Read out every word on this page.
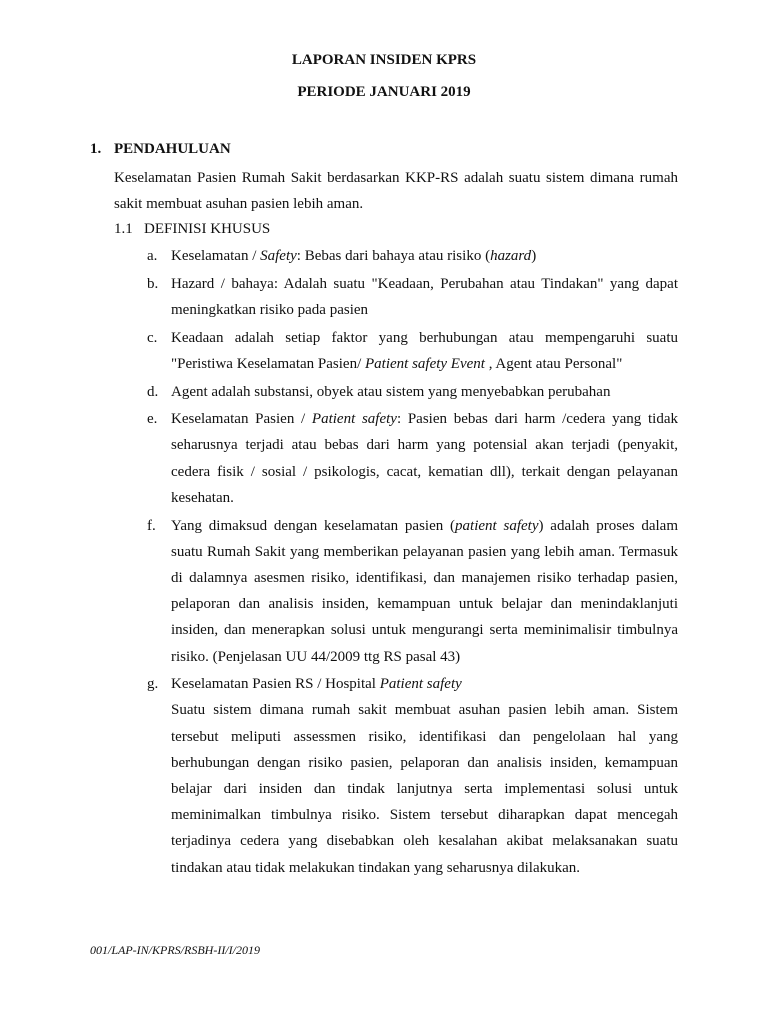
LAPORAN INSIDEN KPRS
PERIODE JANUARI 2019
1. PENDAHULUAN
Keselamatan Pasien Rumah Sakit berdasarkan KKP-RS adalah suatu sistem dimana rumah sakit membuat asuhan pasien lebih aman.
1.1 DEFINISI KHUSUS
a. Keselamatan / Safety: Bebas dari bahaya atau risiko (hazard)
b. Hazard / bahaya: Adalah suatu "Keadaan, Perubahan atau Tindakan" yang dapat meningkatkan risiko pada pasien
c. Keadaan adalah setiap faktor yang berhubungan atau mempengaruhi suatu "Peristiwa Keselamatan Pasien/ Patient safety Event , Agent atau Personal"
d. Agent adalah substansi, obyek atau sistem yang menyebabkan perubahan
e. Keselamatan Pasien / Patient safety: Pasien bebas dari harm /cedera yang tidak seharusnya terjadi atau bebas dari harm yang potensial akan terjadi (penyakit, cedera fisik / sosial / psikologis, cacat, kematian dll), terkait dengan pelayanan kesehatan.
f. Yang dimaksud dengan keselamatan pasien (patient safety) adalah proses dalam suatu Rumah Sakit yang memberikan pelayanan pasien yang lebih aman. Termasuk di dalamnya asesmen risiko, identifikasi, dan manajemen risiko terhadap pasien, pelaporan dan analisis insiden, kemampuan untuk belajar dan menindaklanjuti insiden, dan menerapkan solusi untuk mengurangi serta meminimalisir timbulnya risiko. (Penjelasan UU 44/2009 ttg RS pasal 43)
g. Keselamatan Pasien RS / Hospital Patient safety
Suatu sistem dimana rumah sakit membuat asuhan pasien lebih aman. Sistem tersebut meliputi assessmen risiko, identifikasi dan pengelolaan hal yang berhubungan dengan risiko pasien, pelaporan dan analisis insiden, kemampuan belajar dari insiden dan tindak lanjutnya serta implementasi solusi untuk meminimalkan timbulnya risiko. Sistem tersebut diharapkan dapat mencegah terjadinya cedera yang disebabkan oleh kesalahan akibat melaksanakan suatu tindakan atau tidak melakukan tindakan yang seharusnya dilakukan.
001/LAP-IN/KPRS/RSBH-II/I/2019
